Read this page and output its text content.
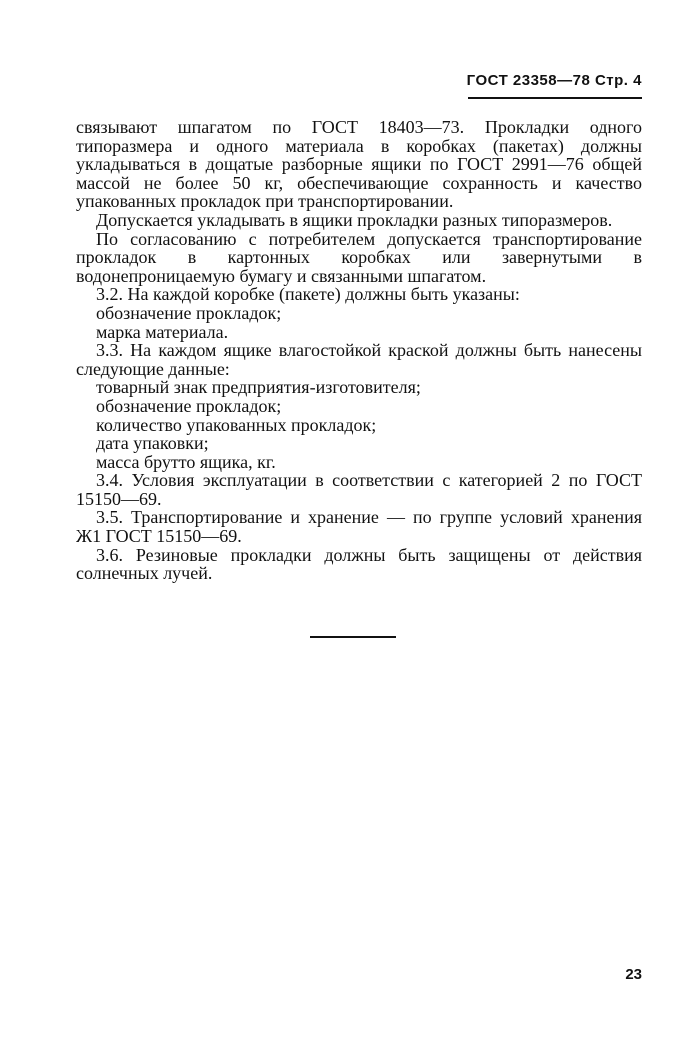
ГОСТ 23358—78 Стр. 4

связывают шпагатом по ГОСТ 18403—73. Прокладки одного типоразмера и одного материала в коробках (пакетах) должны укладываться в дощатые разборные ящики по ГОСТ 2991—76 общей массой не более 50 кг, обеспечивающие сохранность и качество упакованных прокладок при транспортировании.

Допускается укладывать в ящики прокладки разных типоразмеров.

По согласованию с потребителем допускается транспортирование прокладок в картонных коробках или завернутыми в водонепроницаемую бумагу и связанными шпагатом.

3.2. На каждой коробке (пакете) должны быть указаны:

обозначение прокладок;

марка материала.

3.3. На каждом ящике влагостойкой краской должны быть нанесены следующие данные:

товарный знак предприятия-изготовителя;

обозначение прокладок;

количество упакованных прокладок;

дата упаковки;

масса брутто ящика, кг.

3.4. Условия эксплуатации в соответствии с категорией 2 по ГОСТ 15150—69.

3.5. Транспортирование и хранение — по группе условий хранения Ж1 ГОСТ 15150—69.

3.6. Резиновые прокладки должны быть защищены от действия солнечных лучей.

23
